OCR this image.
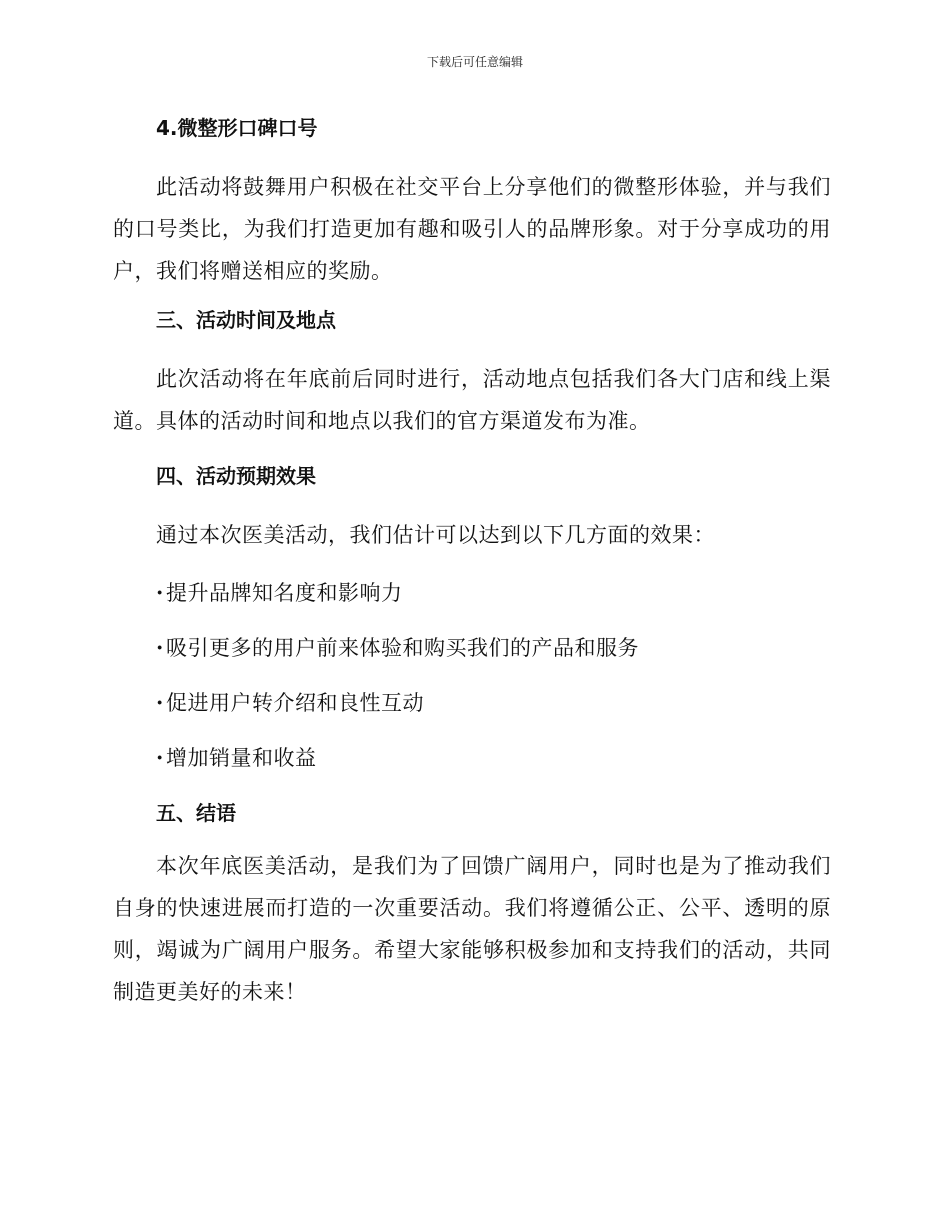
下载后可任意编辑
4.微整形口碑口号

此活动将鼓舞用户积极在社交平台上分享他们的微整形体验，并与我们的口号类比，为我们打造更加有趣和吸引人的品牌形象。对于分享成功的用户，我们将赠送相应的奖励。

三、活动时间及地点

此次活动将在年底前后同时进行，活动地点包括我们各大门店和线上渠道。具体的活动时间和地点以我们的官方渠道发布为准。

四、活动预期效果

通过本次医美活动，我们估计可以达到以下几方面的效果：

· 提升品牌知名度和影响力
· 吸引更多的用户前来体验和购买我们的产品和服务
· 促进用户转介绍和良性互动
· 增加销量和收益
五、结语

本次年底医美活动，是我们为了回馈广阔用户，同时也是为了推动我们自身的快速进展而打造的一次重要活动。我们将遵循公正、公平、透明的原则，竭诚为广阔用户服务。希望大家能够积极参加和支持我们的活动，共同制造更美好的未来！
